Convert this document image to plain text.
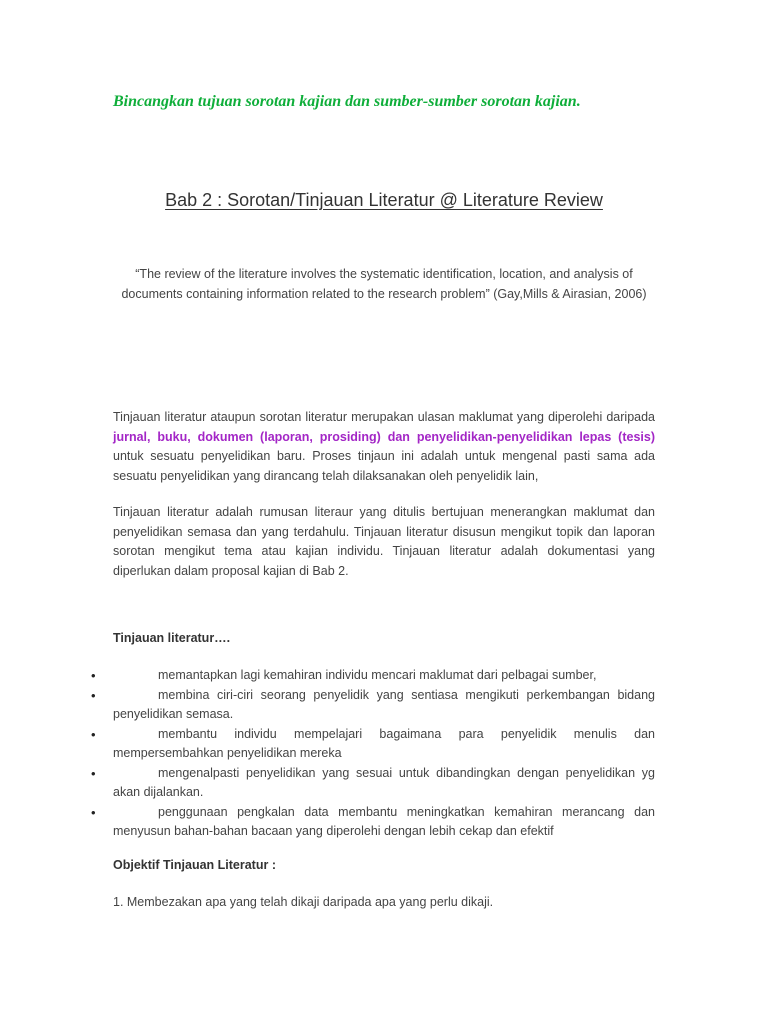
Bincangkan tujuan sorotan kajian dan sumber-sumber sorotan kajian.

Bab 2 : Sorotan/Tinjauan Literatur @ Literature Review

“The review of the literature involves the systematic identification, location, and analysis of documents containing information related to the research problem” (Gay,Mills & Airasian, 2006)

Tinjauan literatur ataupun sorotan literatur merupakan ulasan maklumat yang diperolehi daripada jurnal, buku, dokumen (laporan, prosiding) dan penyelidikan-penyelidikan lepas (tesis) untuk sesuatu penyelidikan baru. Proses tinjaun ini adalah untuk mengenal pasti sama ada sesuatu penyelidikan yang dirancang telah dilaksanakan oleh penyelidik lain,

Tinjauan literatur adalah rumusan literaur yang ditulis bertujuan menerangkan maklumat dan penyelidikan semasa dan yang terdahulu. Tinjauan literatur disusun mengikut topik dan laporan sorotan mengikut tema atau kajian individu. Tinjauan literatur adalah dokumentasi yang diperlukan dalam proposal kajian di Bab 2.

Tinjauan literatur….

•	memantapkan lagi kemahiran individu mencari maklumat dari pelbagai sumber,
•	membina ciri-ciri seorang penyelidik yang sentiasa mengikuti perkembangan bidang penyelidikan semasa.
•	membantu individu mempelajari bagaimana para penyelidik menulis dan mempersembahkan penyelidikan mereka
•	mengenalpasti penyelidikan yang sesuai untuk dibandingkan dengan penyelidikan yg akan dijalankan.
•	penggunaan pengkalan data membantu meningkatkan kemahiran merancang dan menyusun bahan-bahan bacaan yang diperolehi dengan lebih cekap dan efektif

Objektif Tinjauan Literatur :

1. Membezakan apa yang telah dikaji daripada apa yang perlu dikaji.
